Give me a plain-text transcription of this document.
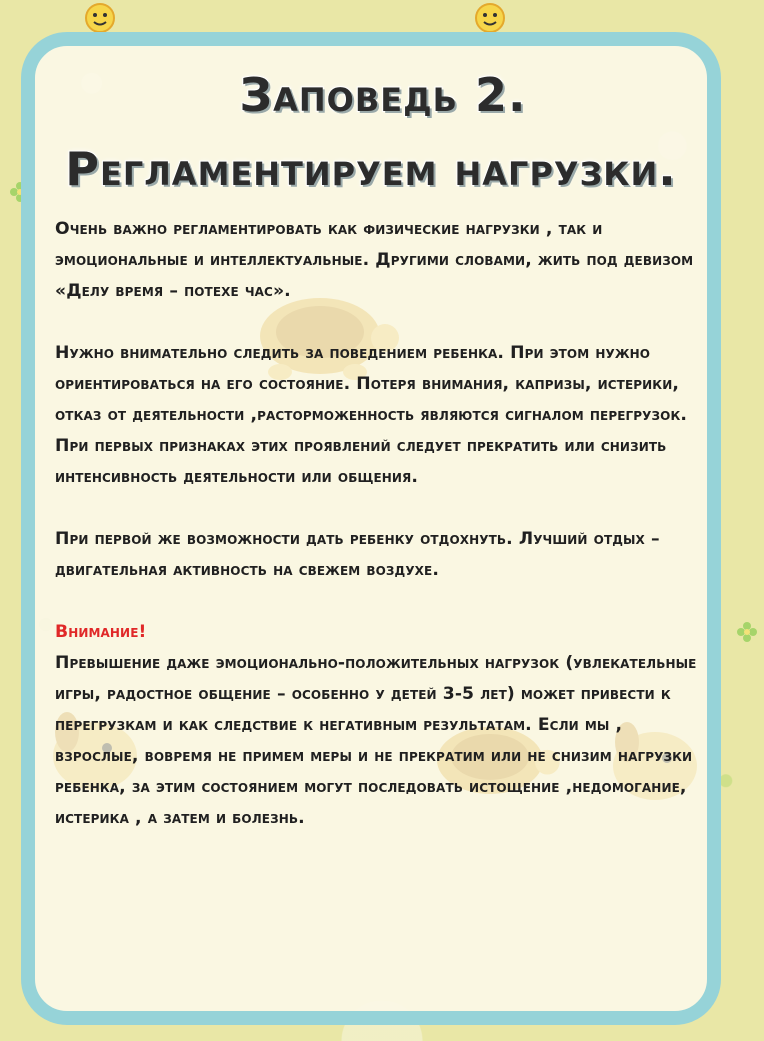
Заповедь 2.
Регламентируем нагрузки.

Очень важно регламентировать как физические нагрузки , так и эмоциональные и интеллектуальные. Другими словами, жить под девизом «Делу время – потехе час».

Нужно внимательно следить за поведением ребенка. При этом нужно ориентироваться на его состояние. Потеря внимания, капризы, истерики, отказ от деятельности ,расторможенность являются сигналом перегрузок. При первых признаках этих проявлений следует прекратить или снизить интенсивность деятельности или общения.

При первой же возможности дать ребенку отдохнуть. Лучший отдых –двигательная активность на свежем воздухе.

Внимание!

Превышение даже эмоционально-положительных нагрузок (увлекательные игры, радостное общение – особенно у детей 3-5 лет) может привести к перегрузкам и как следствие к негативным результатам. Если мы , взрослые, вовремя не примем меры и не прекратим или не снизим нагрузки ребенка, за этим состоянием могут последовать истощение ,недомогание, истерика , а затем и болезнь.
